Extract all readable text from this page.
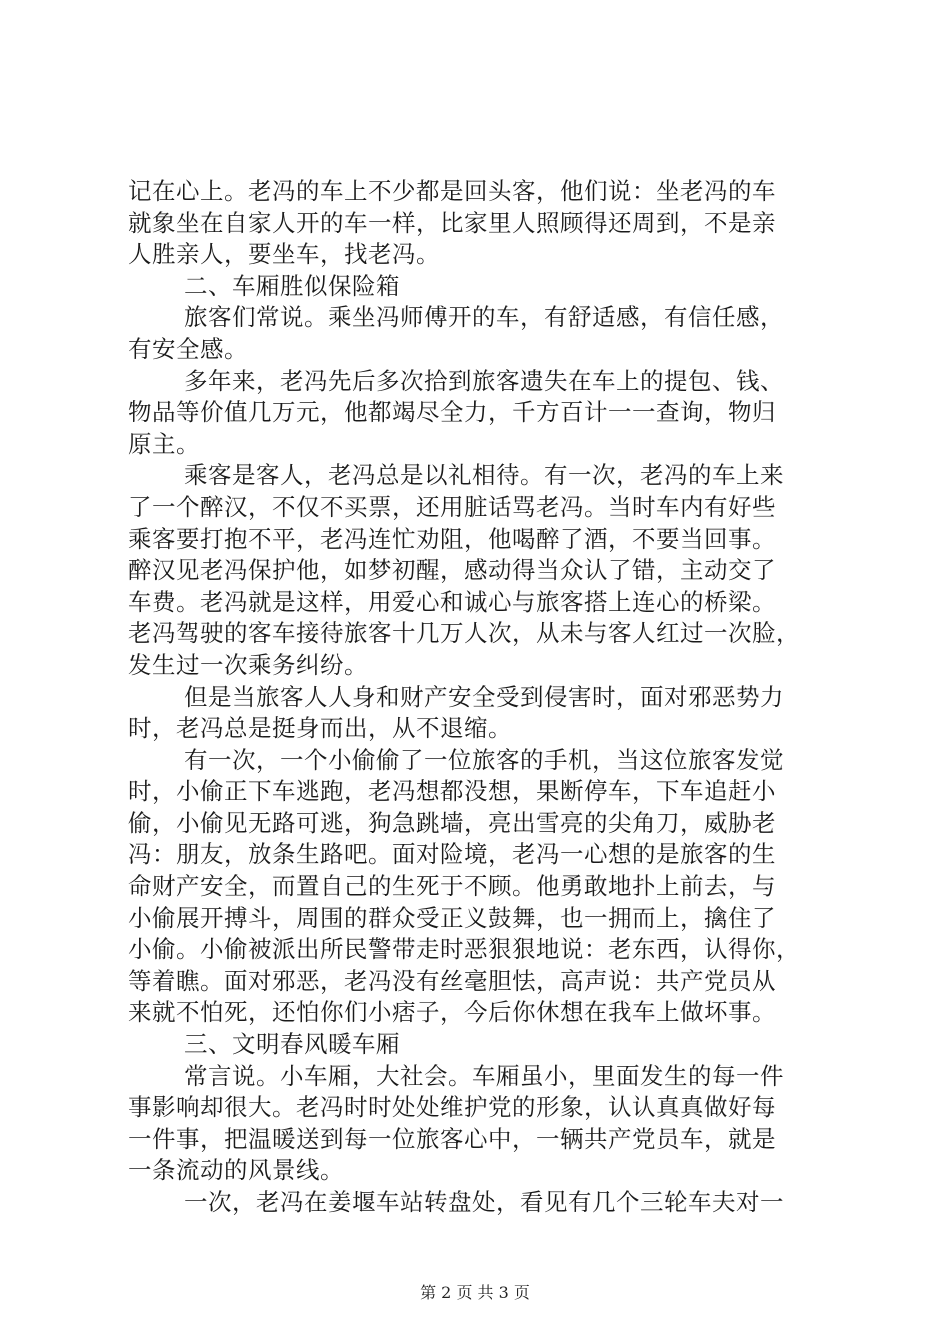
记在心上。老冯的车上不少都是回头客，他们说：坐老冯的车
就象坐在自家人开的车一样，比家里人照顾得还周到，不是亲
人胜亲人，要坐车，找老冯。
二、车厢胜似保险箱
旅客们常说。乘坐冯师傅开的车，有舒适感，有信任感，
有安全感。
多年来，老冯先后多次拾到旅客遗失在车上的提包、钱、
物品等价值几万元，他都竭尽全力，千方百计一一查询，物归
原主。
乘客是客人，老冯总是以礼相待。有一次，老冯的车上来
了一个醉汉，不仅不买票，还用脏话骂老冯。当时车内有好些
乘客要打抱不平，老冯连忙劝阻，他喝醉了酒，不要当回事。
醉汉见老冯保护他，如梦初醒，感动得当众认了错，主动交了
车费。老冯就是这样，用爱心和诚心与旅客搭上连心的桥梁。
老冯驾驶的客车接待旅客十几万人次，从未与客人红过一次脸，
发生过一次乘务纠纷。
但是当旅客人人身和财产安全受到侵害时，面对邪恶势力
时，老冯总是挺身而出，从不退缩。
有一次，一个小偷偷了一位旅客的手机，当这位旅客发觉
时，小偷正下车逃跑，老冯想都没想，果断停车，下车追赶小
偷，小偷见无路可逃，狗急跳墙，亮出雪亮的尖角刀，威胁老
冯：朋友，放条生路吧。面对险境，老冯一心想的是旅客的生
命财产安全，而置自己的生死于不顾。他勇敢地扑上前去，与
小偷展开搏斗，周围的群众受正义鼓舞，也一拥而上，擒住了
小偷。小偷被派出所民警带走时恶狠狠地说：老东西，认得你，
等着瞧。面对邪恶，老冯没有丝毫胆怯，高声说：共产党员从
来就不怕死，还怕你们小痞子，今后你休想在我车上做坏事。
三、文明春风暖车厢
常言说。小车厢，大社会。车厢虽小，里面发生的每一件
事影响却很大。老冯时时处处维护党的形象，认认真真做好每
一件事，把温暖送到每一位旅客心中，一辆共产党员车，就是
一条流动的风景线。
一次，老冯在姜堰车站转盘处，看见有几个三轮车夫对一
第 2 页 共 3 页
